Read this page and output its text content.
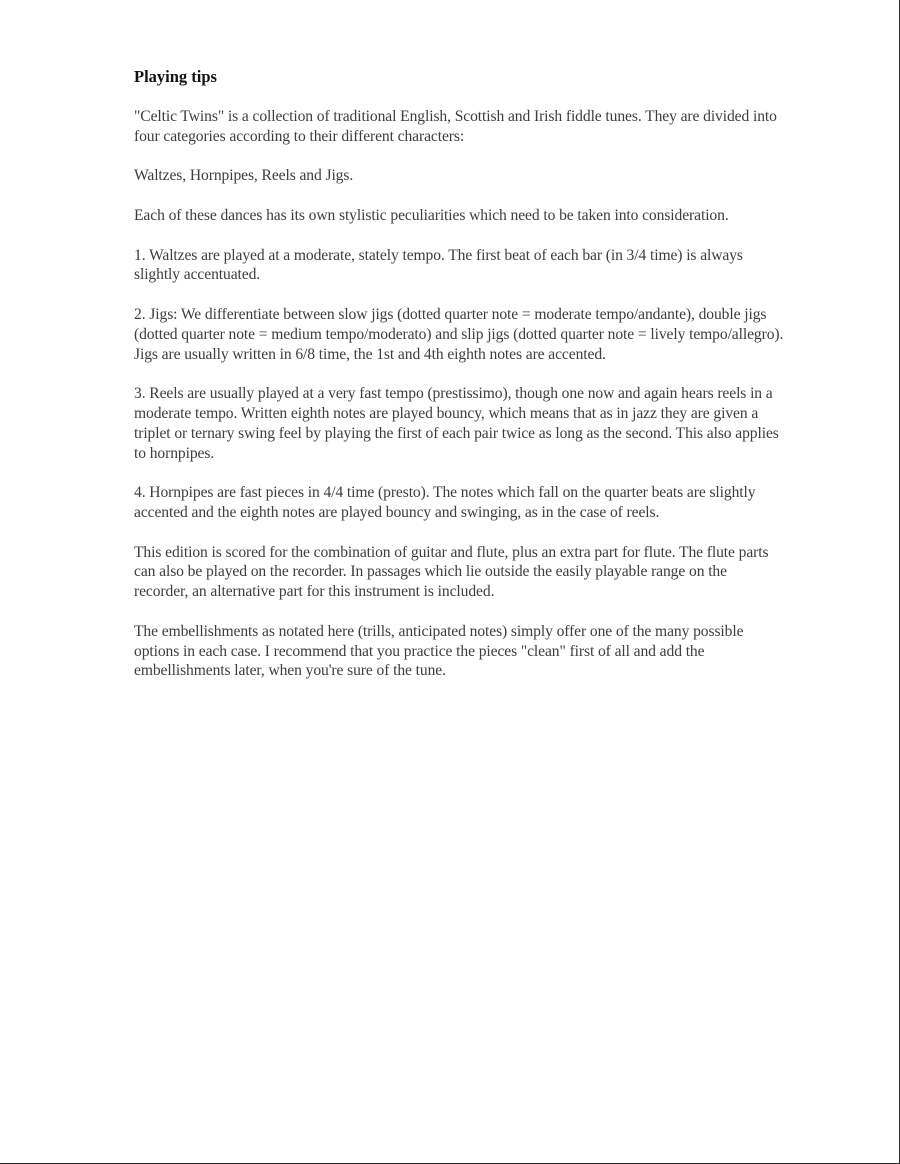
Playing tips

"Celtic Twins" is a collection of traditional English, Scottish and Irish fiddle tunes. They are divided into four categories according to their different characters:

Waltzes, Hornpipes, Reels and Jigs.

Each of these dances has its own stylistic peculiarities which need to be taken into consideration.

1. Waltzes are played at a moderate, stately tempo. The first beat of each bar (in 3/4 time) is always slightly accentuated.

2. Jigs: We differentiate between slow jigs (dotted quarter note = moderate tempo/andante), double jigs (dotted quarter note = medium tempo/moderato) and slip jigs (dotted quarter note = lively tempo/allegro). Jigs are usually written in 6/8 time, the 1st and 4th eighth notes are accented.

3. Reels are usually played at a very fast tempo (prestissimo), though one now and again hears reels in a moderate tempo. Written eighth notes are played bouncy, which means that as in jazz they are given a triplet or ternary swing feel by playing the first of each pair twice as long as the second. This also applies to hornpipes.

4. Hornpipes are fast pieces in 4/4 time (presto). The notes which fall on the quarter beats are slightly accented and the eighth notes are played bouncy and swinging, as in the case of reels.

This edition is scored for the combination of guitar and flute, plus an extra part for flute. The flute parts can also be played on the recorder. In passages which lie outside the easily playable range on the recorder, an alternative part for this instrument is included.

The embellishments as notated here (trills, anticipated notes) simply offer one of the many possible options in each case. I recommend that you practice the pieces "clean" first of all and add the embellishments later, when you're sure of the tune.
